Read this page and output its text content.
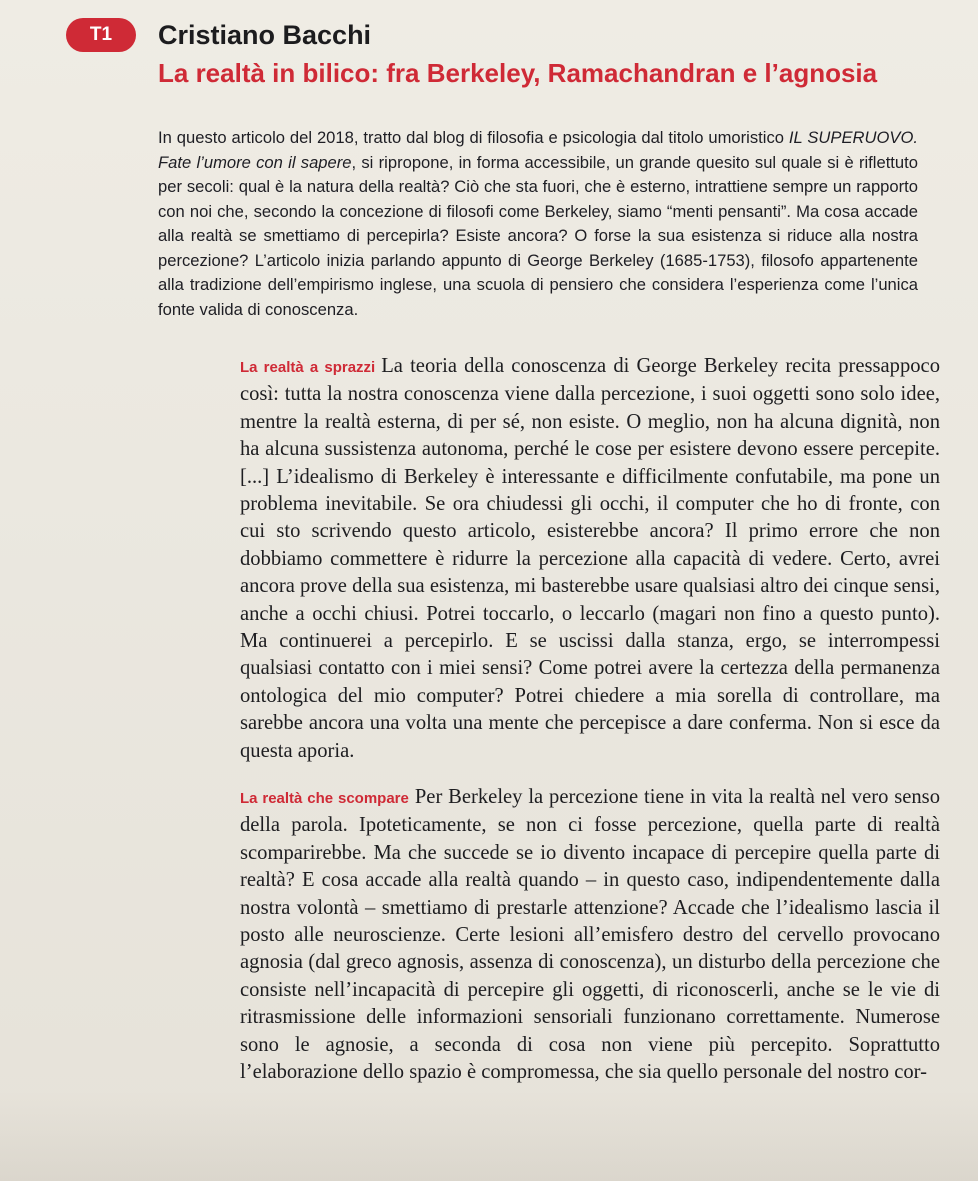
T1	Cristiano Bacchi
La realtà in bilico: fra Berkeley, Ramachandran e l’agnosia

In questo articolo del 2018, tratto dal blog di filosofia e psicologia dal titolo umoristico IL SUPERUOVO. Fate l’umore con il sapere, si ripropone, in forma accessibile, un grande quesito sul quale si è riflettuto per secoli: qual è la natura della realtà? Ciò che sta fuori, che è esterno, intrattiene sempre un rapporto con noi che, secondo la concezione di filosofi come Berkeley, siamo “menti pensanti”. Ma cosa accade alla realtà se smettiamo di percepirla? Esiste ancora? O forse la sua esistenza si riduce alla nostra percezione? L’articolo inizia parlando appunto di George Berkeley (1685-1753), filosofo appartenente alla tradizione dell’empirismo inglese, una scuola di pensiero che considera l’esperienza come l’unica fonte valida di conoscenza.

La realtà a sprazzi La teoria della conoscenza di George Berkeley recita pressappoco così: tutta la nostra conoscenza viene dalla percezione, i suoi oggetti sono solo idee, mentre la realtà esterna, di per sé, non esiste. O meglio, non ha alcuna dignità, non ha alcuna sussistenza autonoma, perché le cose per esistere devono essere percepite. [...] L’idealismo di Berkeley è interessante e difficilmente confutabile, ma pone un problema inevitabile. Se ora chiudessi gli occhi, il computer che ho di fronte, con cui sto scrivendo questo articolo, esisterebbe ancora? Il primo errore che non dobbiamo commettere è ridurre la percezione alla capacità di vedere. Certo, avrei ancora prove della sua esistenza, mi basterebbe usare qualsiasi altro dei cinque sensi, anche a occhi chiusi. Potrei toccarlo, o leccarlo (magari non fino a questo punto). Ma continuerei a percepirlo. E se uscissi dalla stanza, ergo, se interrompessi qualsiasi contatto con i miei sensi? Come potrei avere la certezza della permanenza ontologica del mio computer? Potrei chiedere a mia sorella di controllare, ma sarebbe ancora una volta una mente che percepisce a dare conferma. Non si esce da questa aporia.

La realtà che scompare Per Berkeley la percezione tiene in vita la realtà nel vero senso della parola. Ipoteticamente, se non ci fosse percezione, quella parte di realtà scomparirebbe. Ma che succede se io divento incapace di percepire quella parte di realtà? E cosa accade alla realtà quando – in questo caso, indipendentemente dalla nostra volontà – smettiamo di prestarle attenzione? Accade che l’idealismo lascia il posto alle neuroscienze. Certe lesioni all’emisfero destro del cervello provocano agnosia (dal greco agnosis, assenza di conoscenza), un disturbo della percezione che consiste nell’incapacità di percepire gli oggetti, di riconoscerli, anche se le vie di ritrasmissione delle informazioni sensoriali funzionano correttamente. Numerose sono le agnosie, a seconda di cosa non viene più percepito. Soprattutto l’elaborazione dello spazio è compromessa, che sia quello personale del nostro cor-
